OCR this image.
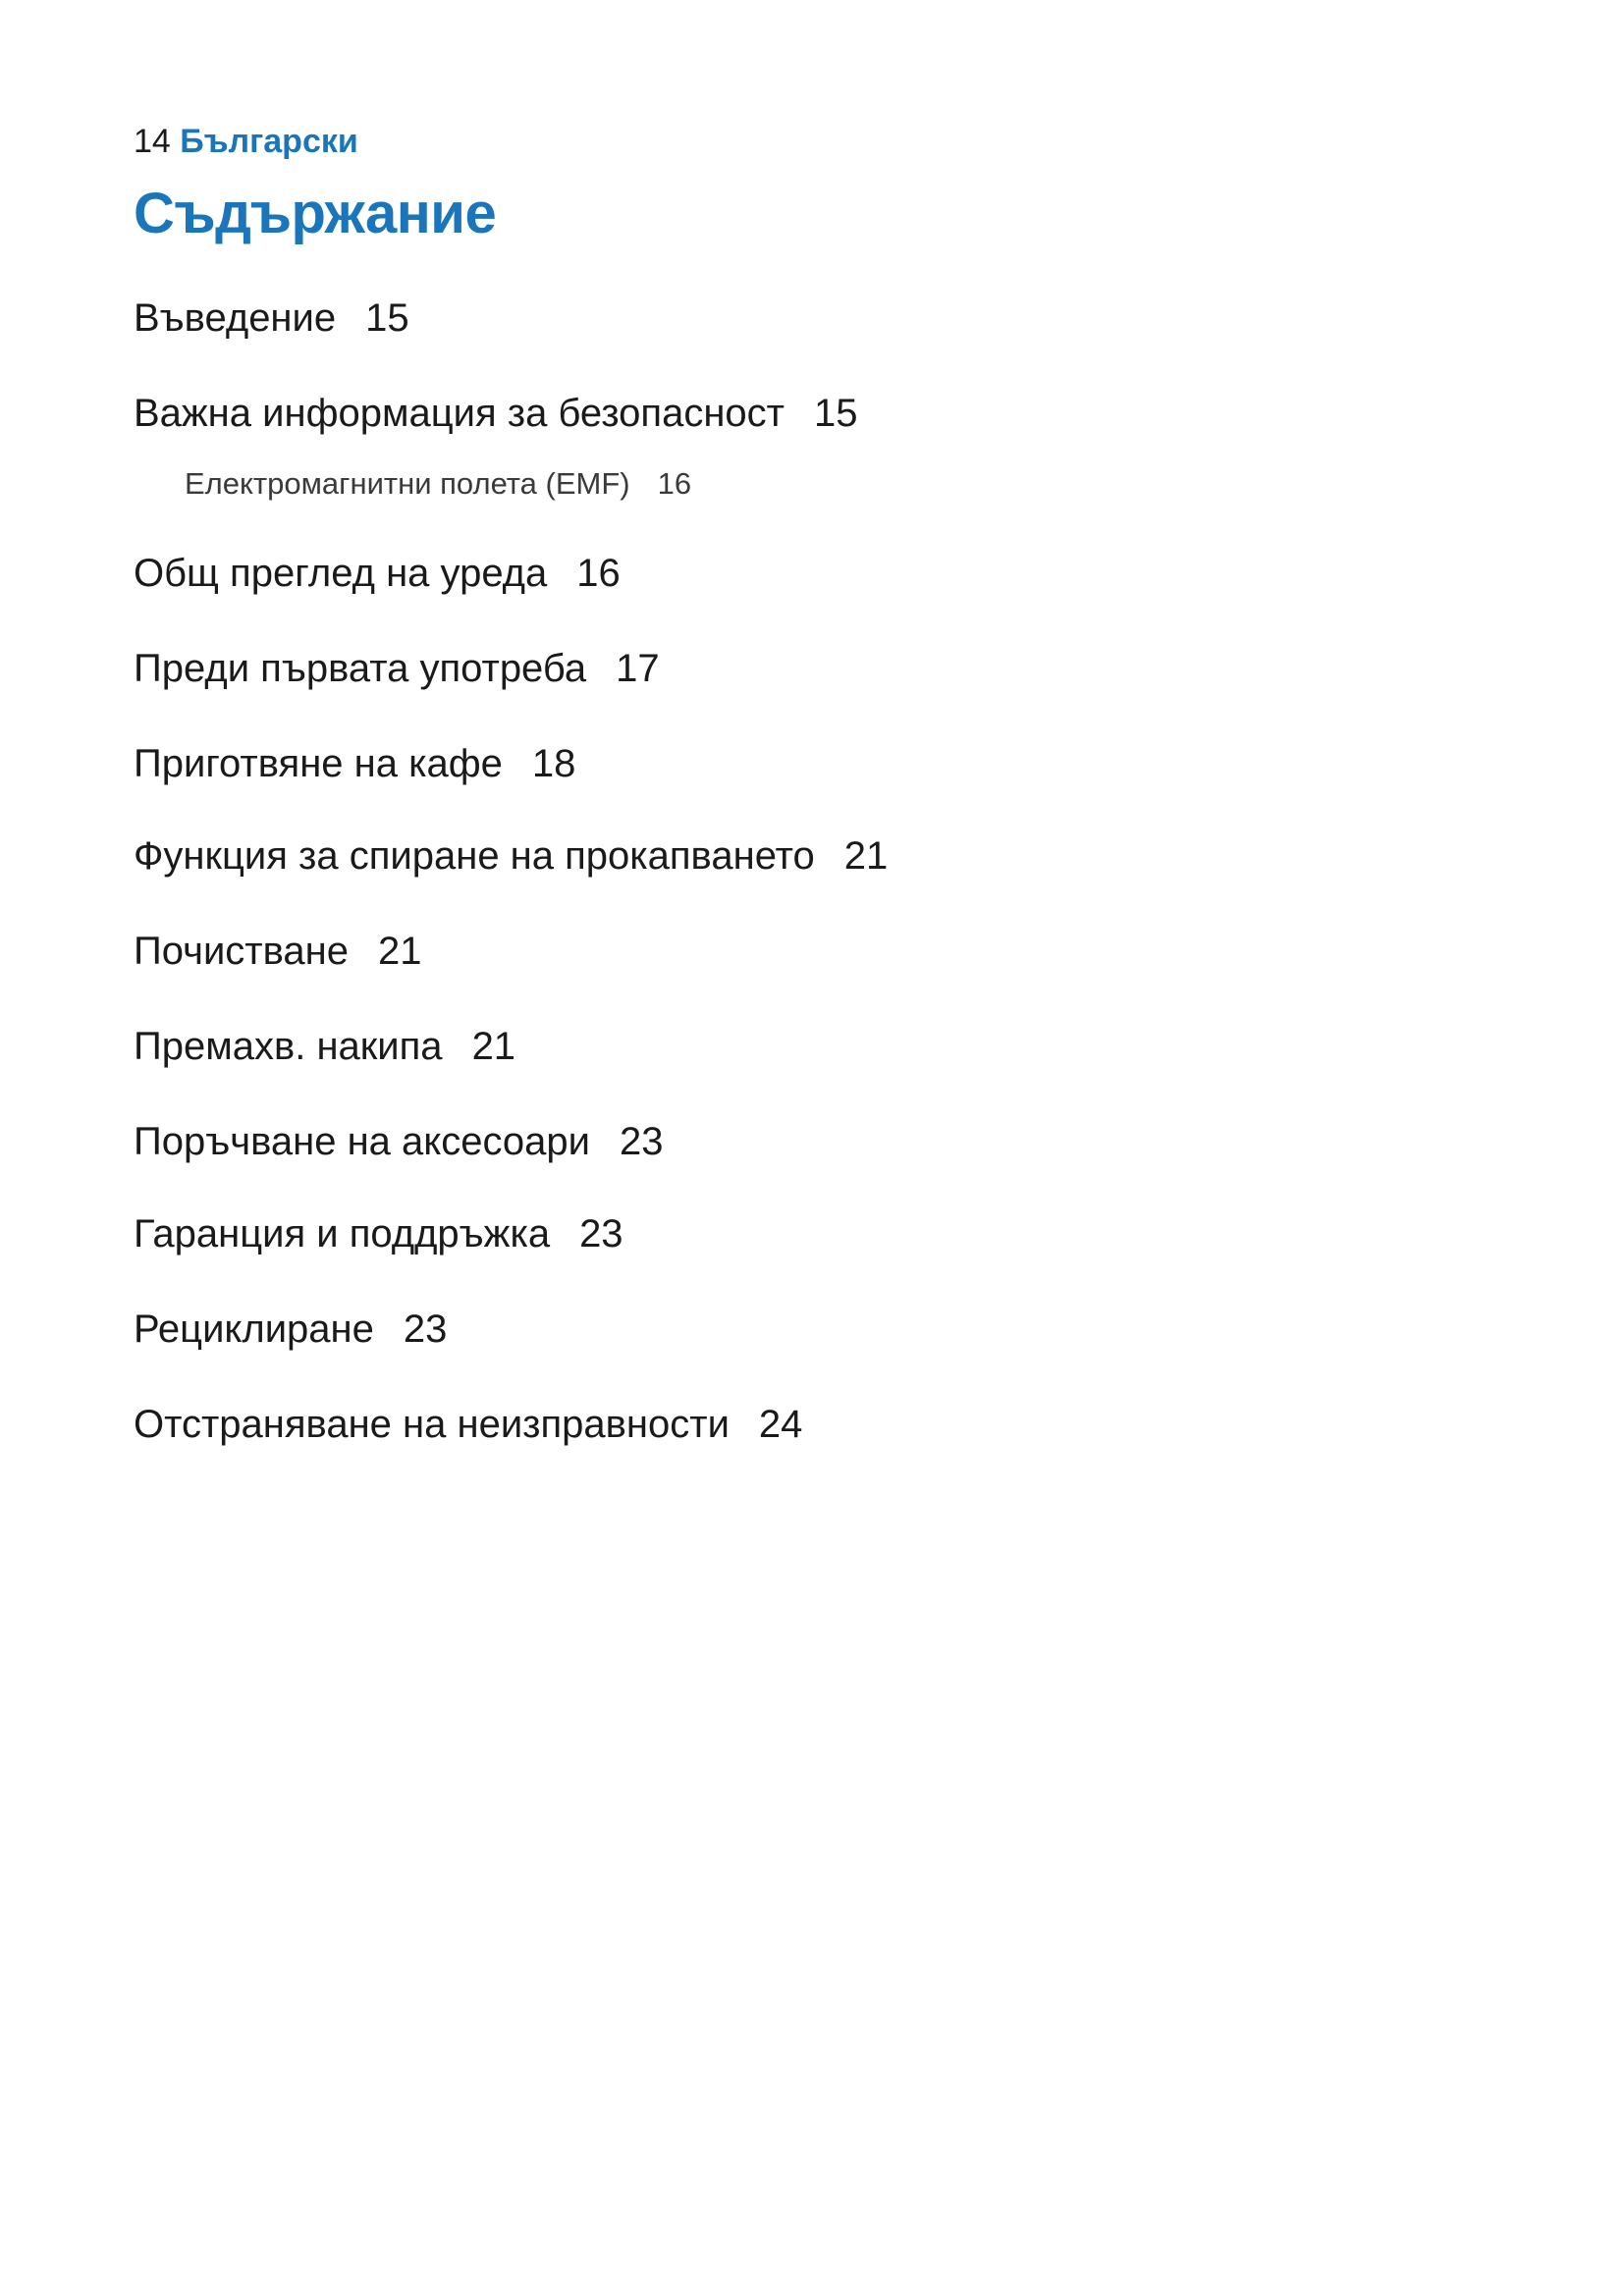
14 Български
Съдържание
Въведение 15
Важна информация за безопасност 15
Електромагнитни полета (EMF) 16
Общ преглед на уреда 16
Преди първата употреба 17
Приготвяне на кафе 18
Функция за спиране на прокапването 21
Почистване 21
Премахв. накипа 21
Поръчване на аксесоари 23
Гаранция и поддръжка 23
Рециклиране 23
Отстраняване на неизправности 24
